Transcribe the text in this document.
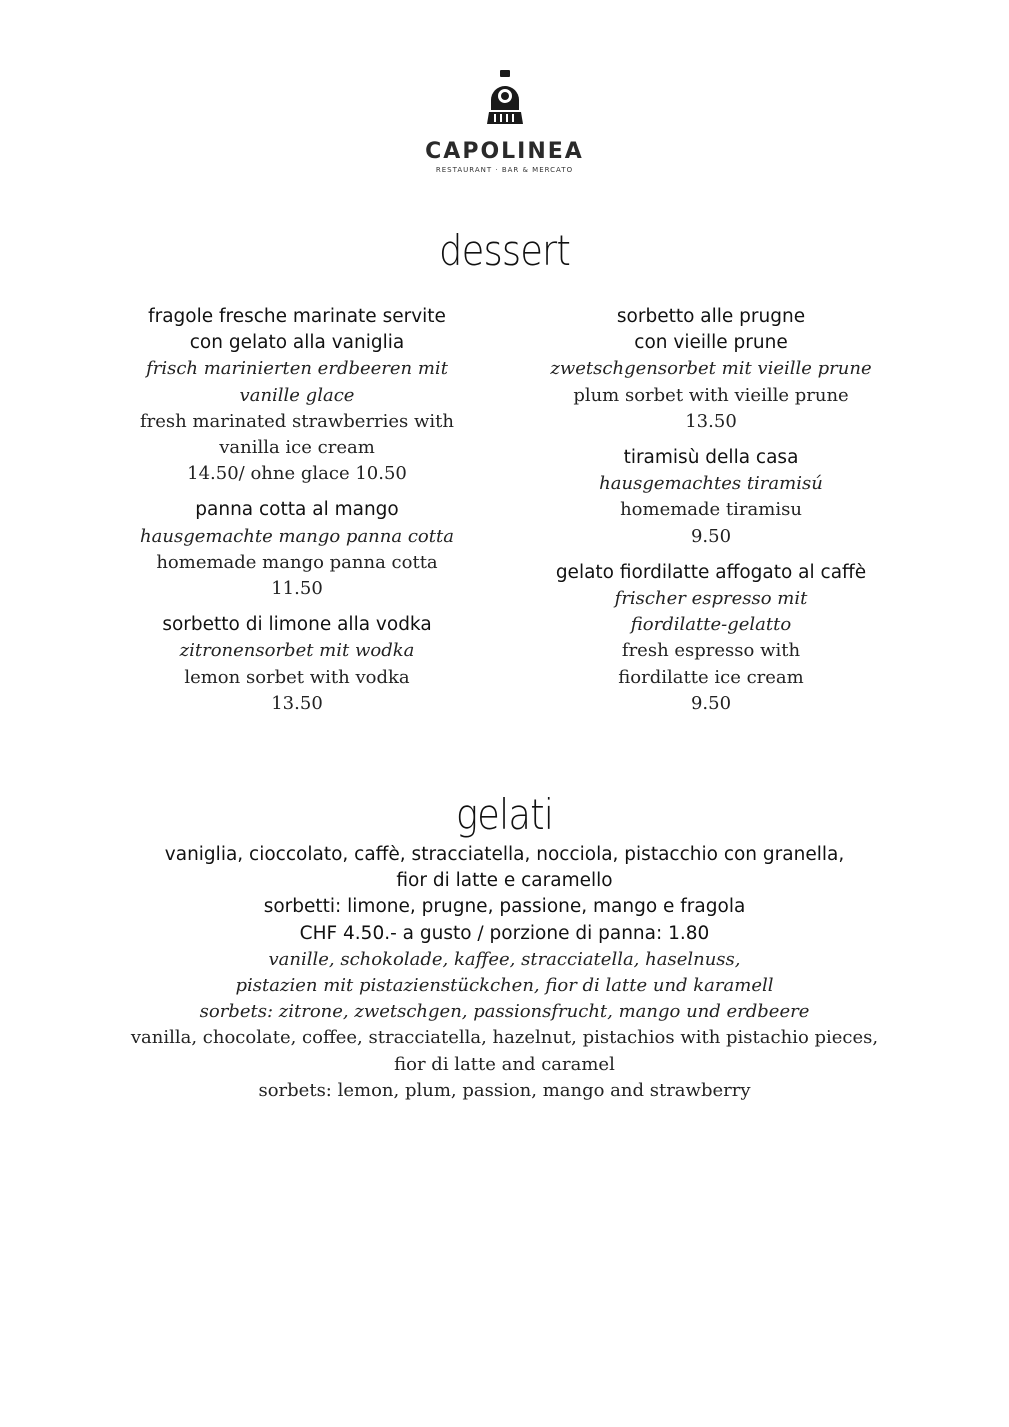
CAPOLINEA
RESTAURANT · BAR & MERCATO
dessert
fragole fresche marinate servite
con gelato alla vaniglia
frisch marinierten erdbeeren mit
vanille glace
fresh marinated strawberries with
vanilla ice cream
14.50/ ohne glace 10.50
panna cotta al mango
hausgemachte mango panna cotta
homemade mango panna cotta
11.50
sorbetto di limone alla vodka
zitronensorbet mit wodka
lemon sorbet with vodka
13.50
sorbetto alle prugne
con vieille prune
zwetschgensorbet mit vieille prune
plum sorbet with vieille prune
13.50
tiramisù della casa
hausgemachtes tiramisú
homemade tiramisu
9.50
gelato fiordilatte affogato al caffè
frischer espresso mit
fiordilatte-gelatto
fresh espresso with
fiordilatte ice cream
9.50
gelati
vaniglia, cioccolato, caffè, stracciatella, nocciola, pistacchio con granella,
fior di latte e caramello
sorbetti: limone, prugne, passione, mango e fragola
CHF 4.50.- a gusto / porzione di panna: 1.80
vanille, schokolade, kaffee, stracciatella, haselnuss,
pistazien mit pistazienstückchen, fior di latte und karamell
sorbets: zitrone, zwetschgen, passionsfrucht, mango und erdbeere
vanilla, chocolate, coffee, stracciatella, hazelnut, pistachios with pistachio pieces,
fior di latte and caramel
sorbets: lemon, plum, passion, mango and strawberry
